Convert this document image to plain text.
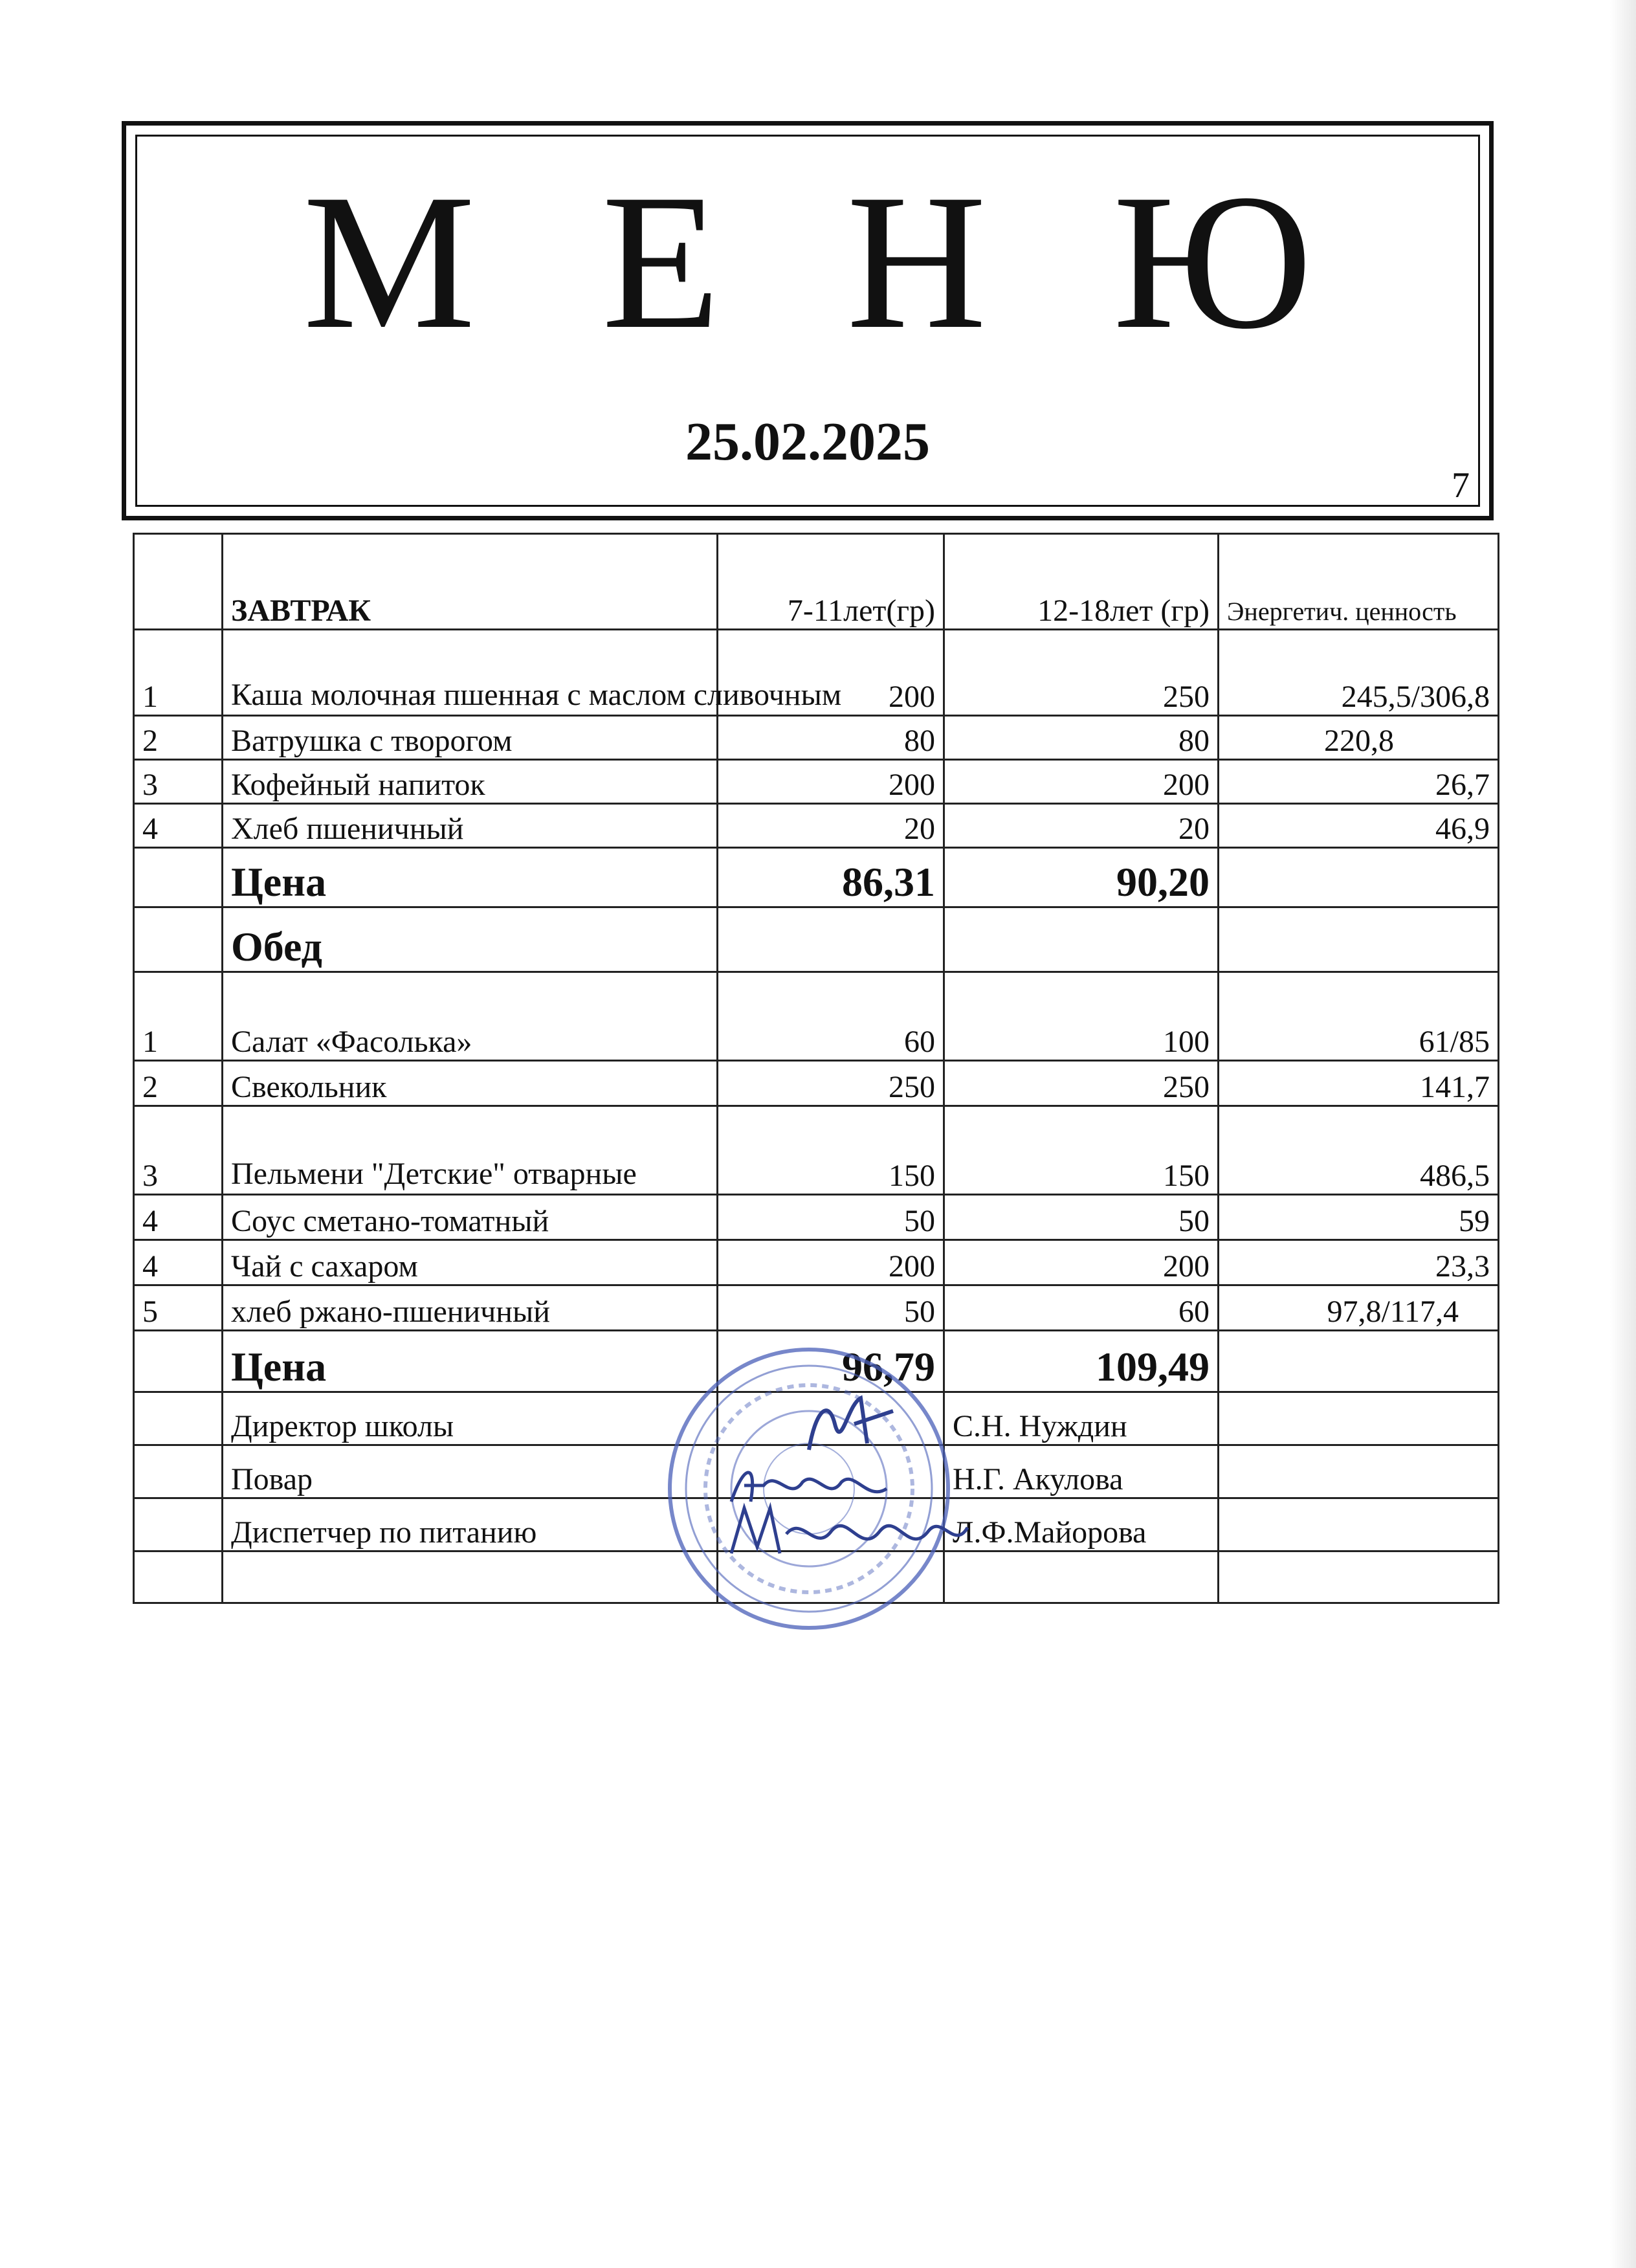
М Е Н Ю
25.02.2025
7
	ЗАВТРАК	7-11лет(гр)	12-18лет (гр)	Энергетич. ценность
1	Каша молочная пшенная с маслом сливочным	200	250	245,5/306,8
2	Ватрушка с творогом	80	80	220,8
3	Кофейный напиток	200	200	26,7
4	Хлеб пшеничный	20	20	46,9
	Цена	86,31	90,20	
	Обед			
1	Салат «Фасолька»	60	100	61/85
2	Свекольник	250	250	141,7
3	Пельмени "Детские" отварные	150	150	486,5
4	Соус сметано-томатный	50	50	59
4	Чай с сахаром	200	200	23,3
5	хлеб ржано-пшеничный	50	60	97,8/117,4
	Цена	96,79	109,49	
	Директор школы		С.Н. Нуждин	
	Повар		Н.Г. Акулова	
	Диспетчер по питанию		Л.Ф.Майорова	
